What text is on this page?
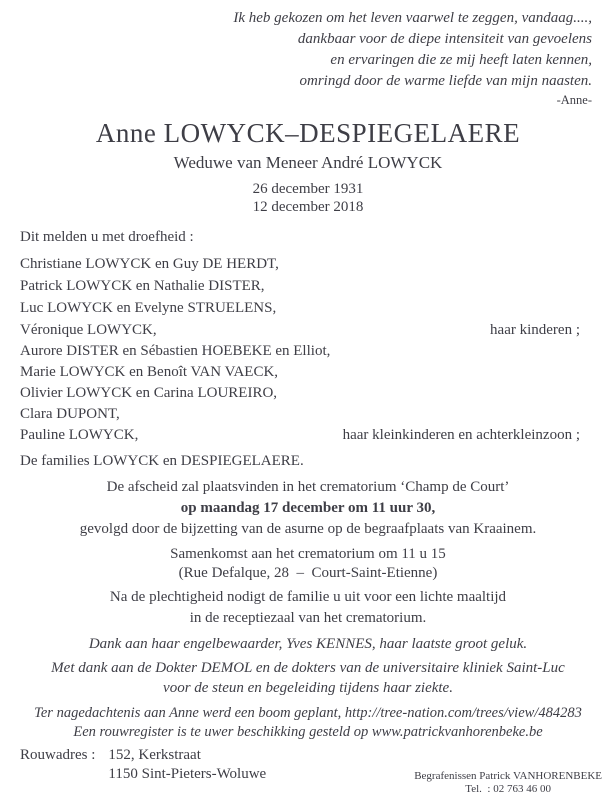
Ik heb gekozen om het leven vaarwel te zeggen, vandaag....,
dankbaar voor de diepe intensiteit van gevoelens
en ervaringen die ze mij heeft laten kennen,
omringd door de warme liefde van mijn naasten.
-Anne-
Anne LOWYCK–DESPIEGELAERE
Weduwe van Meneer André LOWYCK
26 december 1931
12 december 2018
Dit melden u met droefheid :
Christiane LOWYCK en Guy DE HERDT,
Patrick LOWYCK en Nathalie DISTER,
Luc LOWYCK en Evelyne STRUELENS,
Véronique LOWYCK,	haar kinderen ;
Aurore DISTER en Sébastien HOEBEKE en Elliot,
Marie LOWYCK en Benoît VAN VAECK,
Olivier LOWYCK en Carina LOUREIRO,
Clara DUPONT,
Pauline LOWYCK,	haar kleinkinderen en achterkleinzoon ;
De families LOWYCK en DESPIEGELAERE.
De afscheid zal plaatsvinden in het crematorium ‘Champ de Court’
op maandag 17 december om 11 uur 30,
gevolgd door de bijzetting van de asurne op de begraafplaats van Kraainem.
Samenkomst aan het crematorium om 11 u 15
(Rue Defalque, 28  –  Court-Saint-Etienne)
Na de plechtigheid nodigt de familie u uit voor een lichte maaltijd
in de receptiezaal van het crematorium.
Dank aan haar engelbewaarder, Yves KENNES, haar laatste groot geluk.
Met dank aan de Dokter DEMOL en de dokters van de universitaire kliniek Saint-Luc
voor de steun en begeleiding tijdens haar ziekte.
Ter nagedachtenis aan Anne werd een boom geplant, http://tree-nation.com/trees/view/484283
Een rouwregister is te uwer beschikking gesteld op www.patrickvanhorenbeke.be
Rouwadres : 152, Kerkstraat
1150 Sint-Pieters-Woluwe	Begrafenissen Patrick VANHORENBEKE
Tel.  : 02 763 46 00
